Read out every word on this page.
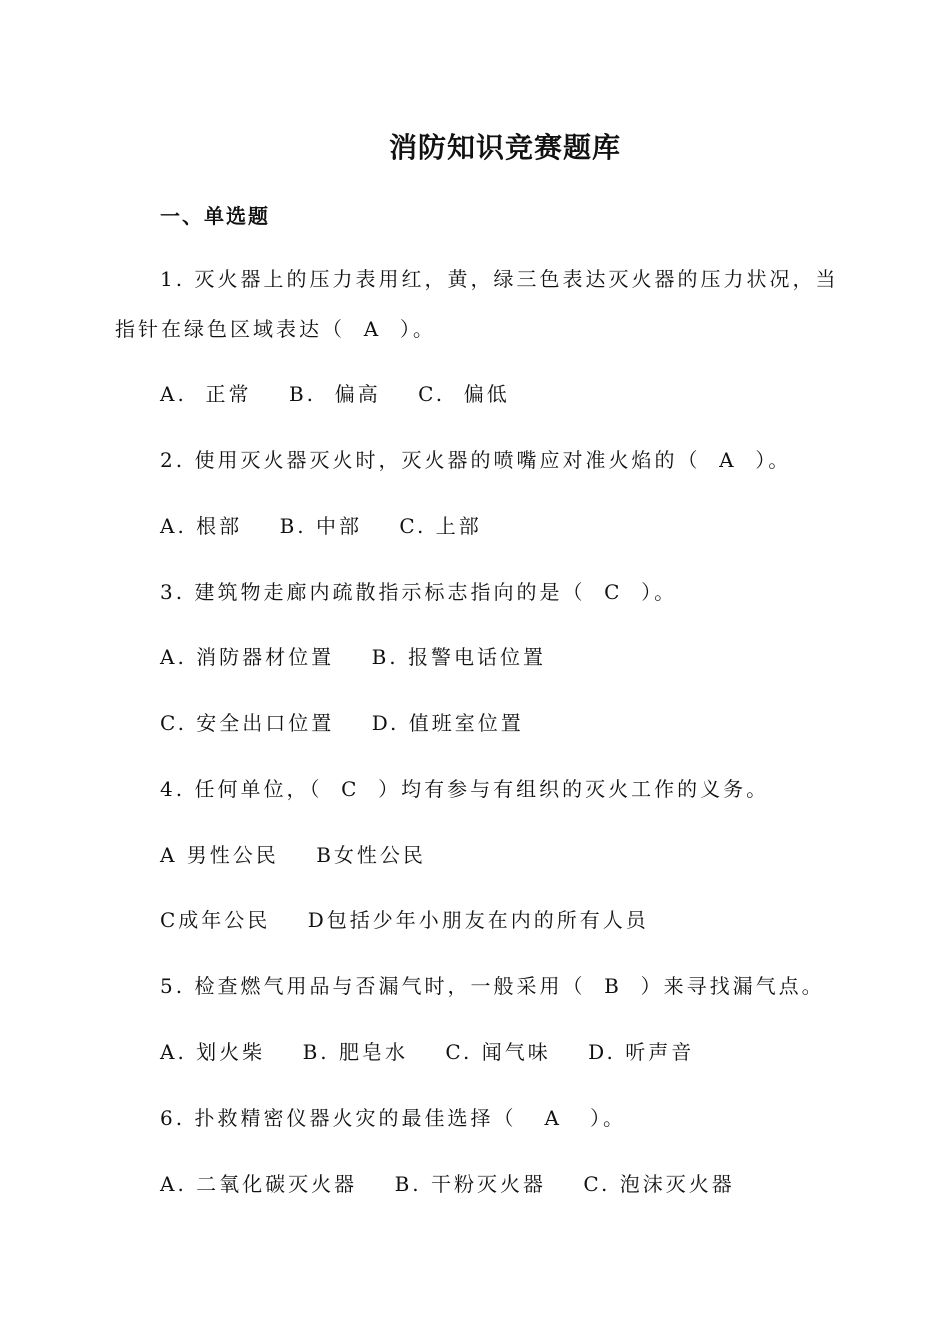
消防知识竞赛题库
一、单选题
1. 灭火器上的压力表用红，黄，绿三色表达灭火器的压力状况，当
指针在绿色区域表达（  A  ）。
A.  正常    B.  偏高    C.  偏低
2. 使用灭火器灭火时，灭火器的喷嘴应对准火焰的（  A  ）。
A. 根部    B. 中部    C. 上部
3. 建筑物走廊内疏散指示标志指向的是（  C  ）。
A. 消防器材位置    B. 报警电话位置
C. 安全出口位置    D. 值班室位置
4. 任何单位，（  C  ）均有参与有组织的灭火工作的义务。
A 男性公民    B女性公民
C成年公民    D包括少年小朋友在内的所有人员
5. 检查燃气用品与否漏气时，一般采用（  B  ）来寻找漏气点。
A. 划火柴    B. 肥皂水    C. 闻气味    D. 听声音
6. 扑救精密仪器火灾的最佳选择（   A   ）。
A. 二氧化碳灭火器    B. 干粉灭火器    C. 泡沫灭火器
